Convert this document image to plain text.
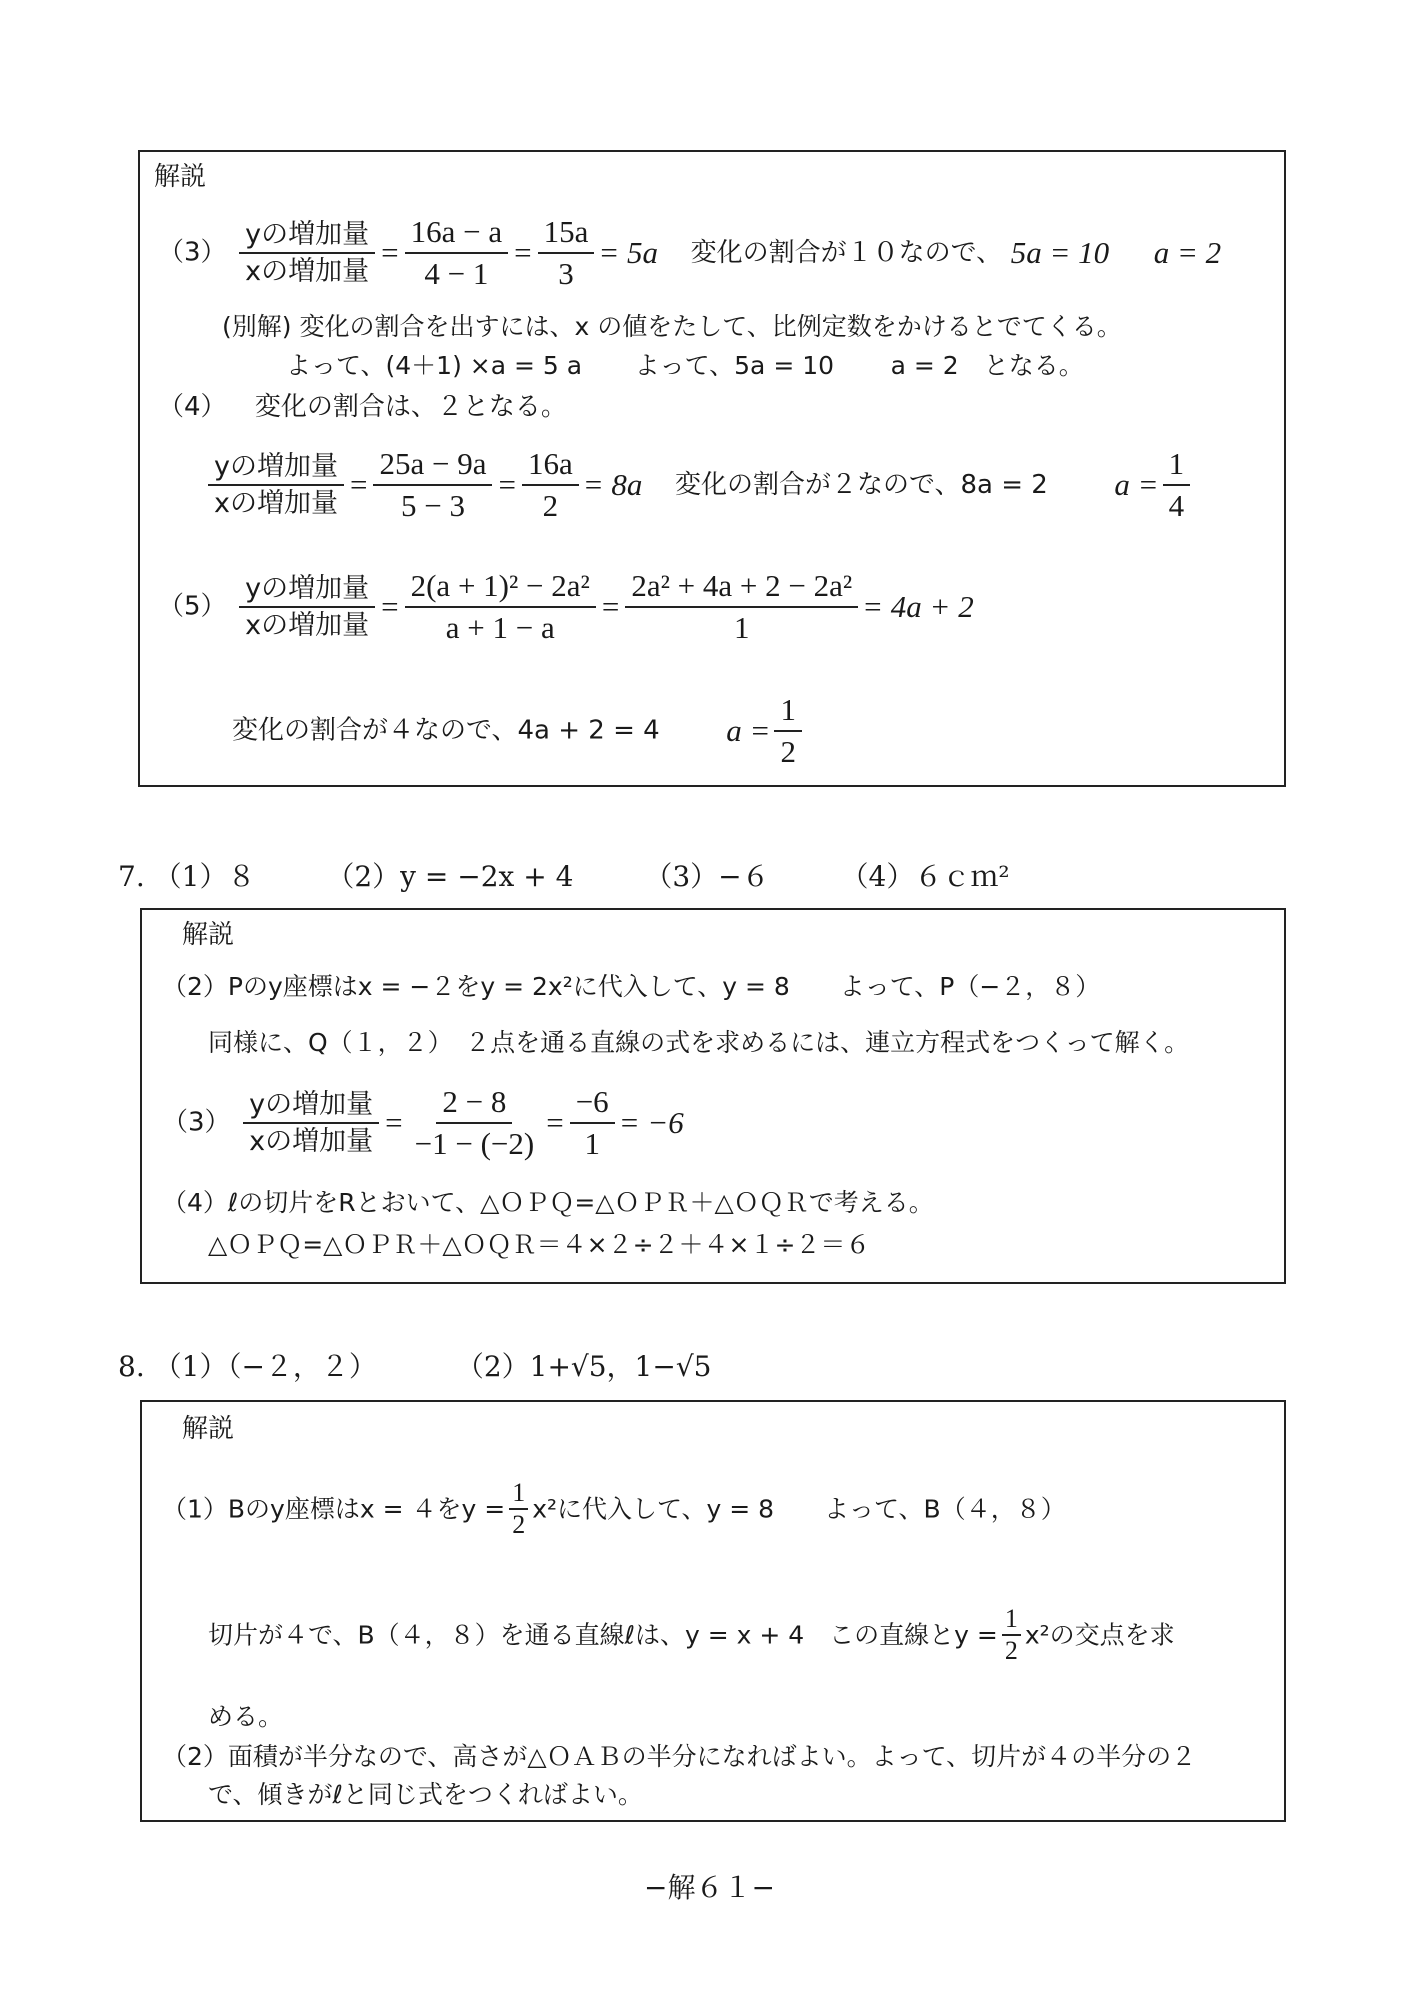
解説
$(3) \frac{\text{yの増加量}}{\text{xの増加量}} = \frac{16a - a}{4 - 1} = \frac{15a}{3} = 5a$ 変化の割合が１０なので、 5a = 10 a = 2
(別解) 変化の割合を出すには、x の値をたして、比例定数をかけるとでてくる。
よって、(4＋1) ×a = 5 a よって、5a = 10 a = 2　となる。
（4） 変化の割合は、２となる。
$\frac{\text{yの増加量}}{\text{xの増加量}} = \frac{25a - 9a}{5 - 3} = \frac{16a}{2} = 8a$ 変化の割合が２なので、8a = 2 $a = \frac{1}{4}$
$(5) \frac{\text{yの増加量}}{\text{xの増加量}} = \frac{\text{2(a + 1)² − 2a²}}{a + 1 - a} = \frac{\text{2a² + 4a + 2 − 2a²}}{1} = 4a + 2$
変化の割合が４なので、4a + 2 = 4 $a = \frac{1}{2}$
7. （1）８	（2）y = −2x + 4	（3）−６	（4）６ｃｍ²
解説
（2）Pのy座標はx = −２をy = 2x²に代入して、y = 8　　よって、P（−２，８）
同様に、Q（１，２）　２点を通る直線の式を求めるには、連立方程式をつくって解く。
$(3) \frac{\text{yの増加量}}{\text{xの増加量}} = \frac{2 - 8}{-1 - (-2)} = \frac{-6}{1} = -6$
（4）ℓの切片をRとおいて、△ＯＰＱ=△ＯＰＲ＋△ＯＱＲで考える。
△ＯＰＱ=△ＯＰＲ＋△ＯＱＲ＝４×２÷２＋４×１÷２＝６
8. （1）（−２，２）	（2）1+√5，1−√5
解説
（1）Bのy座標はx = ４を$y = \frac{1}{2} x^2$に代入して、y = 8　　よって、B（４，８）
切片が４で、B（４，８）を通る直線ℓは、y = x + 4　この直線と$y = \frac{1}{2} x^2$の交点を求
める。
（2）面積が半分なので、高さが△ＯＡＢの半分になればよい。よって、切片が４の半分の２
で、傾きがℓと同じ式をつくればよい。
−解６１−
